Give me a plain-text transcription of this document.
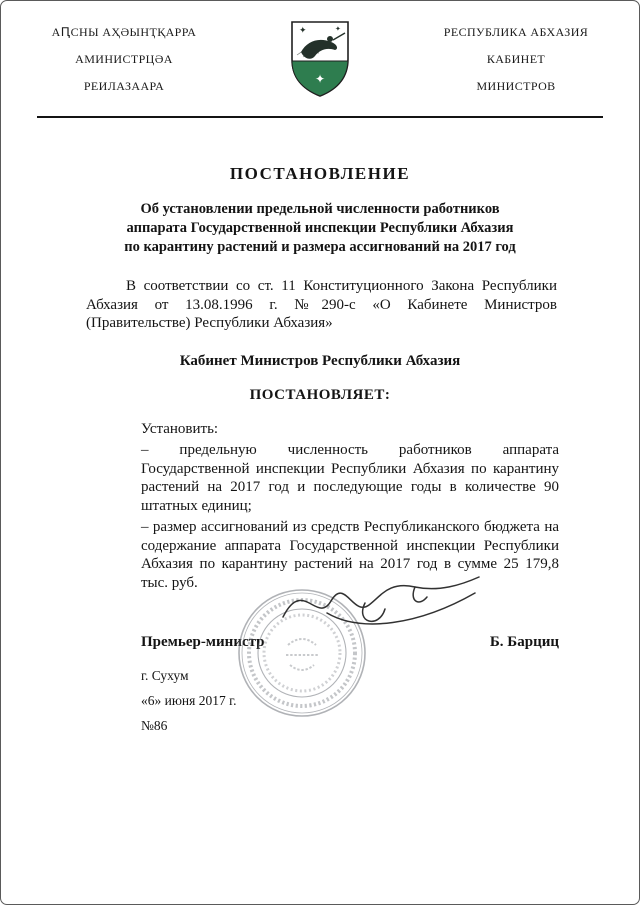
АԤСНЫ АҲӘЫНҬҚАРРА
АМИНИСТРЦӘА
РЕИЛАЗААРА
✦	✦
✦
РЕСПУБЛИКА АБХАЗИЯ
КАБИНЕТ
МИНИСТРОВ
ПОСТАНОВЛЕНИЕ
Об установлении предельной численности работников
аппарата Государственной инспекции Республики Абхазия
по карантину растений и размера ассигнований на 2017 год
В соответствии со ст. 11 Конституционного Закона Республики Абхазия от 13.08.1996 г. №290-с «О Кабинете Министров (Правительстве) Республики Абхазия»
Кабинет Министров Республики Абхазия
ПОСТАНОВЛЯЕТ:
Установить:
– предельную численность работников аппарата Государственной инспекции Республики Абхазия по карантину растений на 2017 год и последующие годы в количестве 90 штатных единиц;
– размер ассигнований из средств Республиканского бюджета на содержание аппарата Государственной инспекции Республики Абхазия по карантину растений на 2017 год в сумме 25 179,8 тыс. руб.
Премьер-министр	Б. Барциц
г. Сухум
«6» июня 2017 г.
№86
